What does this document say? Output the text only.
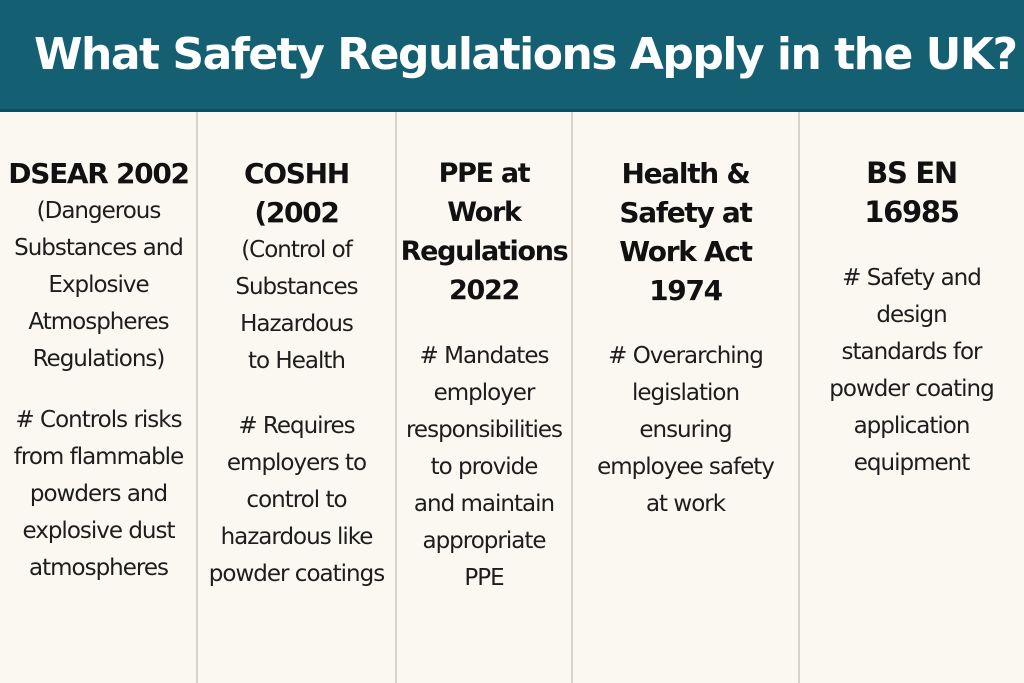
What Safety Regulations Apply in the UK?
DSEAR 2002
(Dangerous
Substances and
Explosive
Atmospheres
Regulations)
# Controls risks
from flammable
powders and
explosive dust
atmospheres
COSHH
(2002
(Control of
Substances
Hazardous
to Health
# Requires
employers to
control to
hazardous like
powder coatings
PPE at
Work
Regulations
2022
# Mandates
employer
responsibilities
to provide
and maintain
appropriate
PPE
Health &
Safety at
Work Act
1974
# Overarching
legislation
ensuring
employee safety
at work
BS EN
16985
# Safety and
design
standards for
powder coating
application
equipment
